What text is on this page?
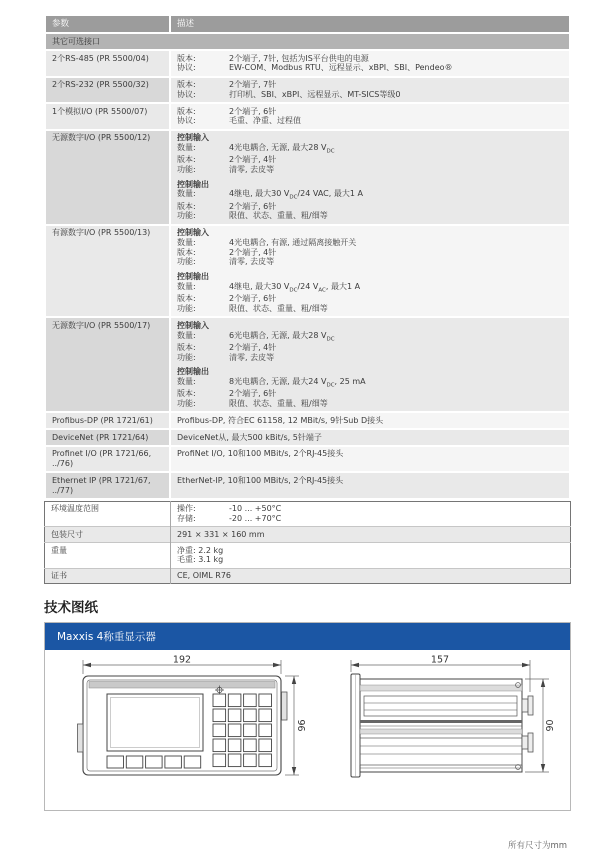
参数	描述
其它可选接口	
2个RS-485 (PR 5500/04)	版本: 2个端子, 7针, 包括为IS平台供电的电源
协议: EW-COM、Modbus RTU、远程显示、xBPI、SBI、Pendeo®

2个RS-232 (PR 5500/32)	版本: 2个端子, 7针
协议: 打印机、SBI、xBPI、远程显示、MT-SICS等级0

1个模拟I/O (PR 5500/07)	版本: 2个端子, 6针
协议: 毛重、净重、过程值

无源数字I/O (PR 5500/12)	控制输入
数量:	4光电耦合, 无源, 最大28 $V_{DC}$
版本:	2个端子, 4针
功能:	清零, 去皮等
控制输出
数量:	4继电, 最大30 $V_{DC}/24$ VAC, 最大1 A
版本:	2个端子, 6针
功能:	限值、状态、重量、粗/细等

有源数字I/O (PR 5500/13)	控制输入
数量:	4光电耦合, 有源, 通过隔离接触开关
版本:	2个端子, 4针
功能:	清零, 去皮等
控制输出
数量:	4继电, 最大30 $V_{DC}/24$ $V_{AC}$, 最大1 A
版本:	2个端子, 6针
功能:	限值、状态、重量、粗/细等

无源数字I/O (PR 5500/17)	控制输入
数量:	6光电耦合, 无源, 最大28 $V_{DC}$
版本:	2个端子, 4针
功能:	清零, 去皮等
控制输出
数量:	8光电耦合, 无源, 最大24 $V_{DC}$, 25 mA
版本:	2个端子, 6针
功能:	限值、状态、重量、粗/细等

Profibus-DP (PR 1721/61)	Profibus-DP, 符合EC 61158, 12 MBit/s, 9针Sub D接头

DeviceNet (PR 1721/64)	DeviceNet从, 最大500 kBit/s, 5针端子

Profinet I/O (PR 1721/66, ../76)	ProfiNet I/O, 10和100 MBit/s, 2个RJ-45接头

Ethernet IP (PR 1721/67, ../77)	EtherNet-IP, 10和100 MBit/s, 2个RJ-45接头
环境温度范围	操作: -10 ... +50°C
存储: -20 ... +70°C

包装尺寸	291 × 331 × 160 mm

重量	净重: 2.2 kg
毛重: 3.1 kg

证书	CE, OIML R76
技术图纸
Maxxis 4称重显示器
192
96
157
90
所有尺寸为mm
